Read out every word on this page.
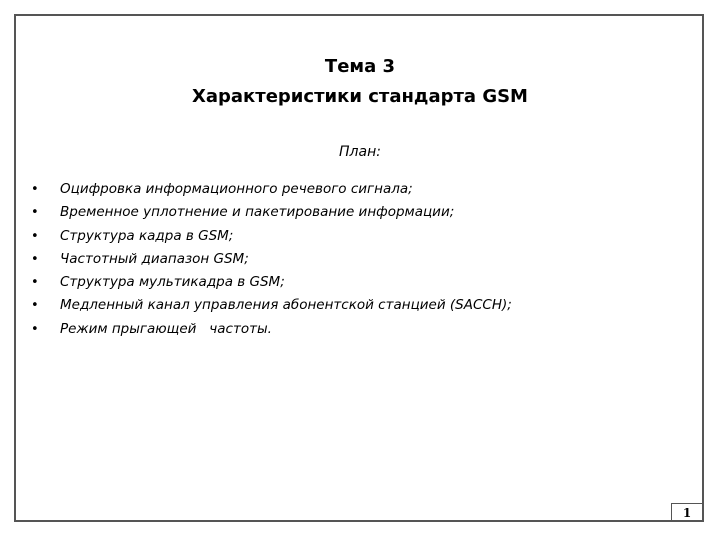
Тема 3
Характеристики стандарта GSM
План:
• Оцифровка информационного речевого сигнала;
• Временное уплотнение и пакетирование информации;
• Структура кадра в GSM;
• Частотный диапазон GSM;
• Структура мультикадра в GSM;
• Медленный канал управления абонентской станцией (SACCH);
• Режим прыгающей   частоты.
1
